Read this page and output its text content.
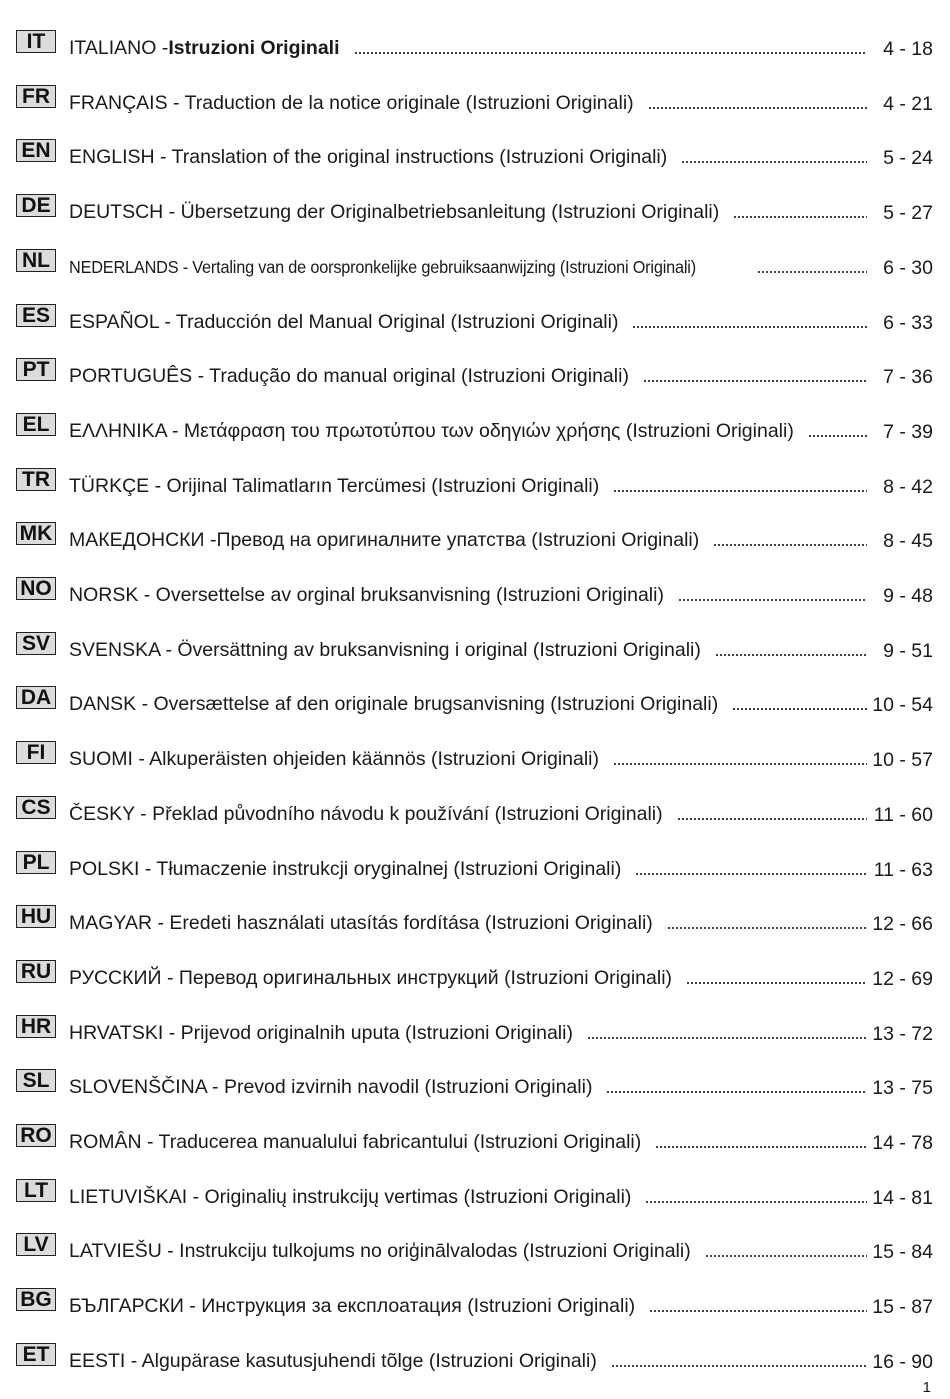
IT	ITALIANO - Istruzioni Originali	4 - 18
FR FRANÇAIS - Traduction de la notice originale (Istruzioni Originali)	4 - 21
EN ENGLISH - Translation of the original instructions (Istruzioni Originali)	5 - 24
DE DEUTSCH - Übersetzung der Originalbetriebsanleitung (Istruzioni Originali)	5 - 27
NL	NEDERLANDS - Vertaling van de oorspronkelijke gebruiksaanwijzing (Istruzioni Originali)	6 - 30
ES ESPAÑOL - Traducción del Manual Original (Istruzioni Originali)	6 - 33
PT	PORTUGUÊS - Tradução do manual original (Istruzioni Originali)	7 - 36
EL	ΕΛΛΗΝΙΚΑ - Μετάφραση του πρωτοτύπου των οδηγιών χρήσης (Istruzioni Originali)	7 - 39
TR TÜRKÇE - Orijinal Talimatların Tercümesi (Istruzioni Originali)	8 - 42
MK МАКЕДОНСКИ -Превод на оригиналните упатства (Istruzioni Originali)	8 - 45
NO NORSK - Oversettelse av orginal bruksanvisning (Istruzioni Originali)	9 - 48
SV SVENSKA - Översättning av bruksanvisning i original (Istruzioni Originali)	9 - 51
DA DANSK - Oversættelse af den originale brugsanvisning (Istruzioni Originali)	10 - 54
FI	SUOMI - Alkuperäisten ohjeiden käännös (Istruzioni Originali)	10 - 57
CS ČESKY - Překlad původního návodu k používání (Istruzioni Originali)	11 - 60
PL	POLSKI - Tłumaczenie instrukcji oryginalnej (Istruzioni Originali)	11 - 63
HU MAGYAR - Eredeti használati utasítás fordítása (Istruzioni Originali)	12 - 66
RU РУССКИЙ - Перевод оригинальных инструкций (Istruzioni Originali)	12 - 69
HR HRVATSKI - Prijevod originalnih uputa (Istruzioni Originali)	13 - 72
SL	SLOVENŠČINA - Prevod izvirnih navodil (Istruzioni Originali)	13 - 75
RO ROMÂN - Traducerea manualului fabricantului (Istruzioni Originali)	14 - 78
LT	LIETUVIŠKAI - Originalių instrukcijų vertimas (Istruzioni Originali)	14 - 81
LV	LATVIEŠU - Instrukciju tulkojums no oriģinālvalodas (Istruzioni Originali)	15 - 84
BG БЪЛГАРСКИ - Инструкция за експлоатация (Istruzioni Originali)	15 - 87
ET	EESTI - Algupärase kasutusjuhendi tõlge (Istruzioni Originali)	16 - 90
1
